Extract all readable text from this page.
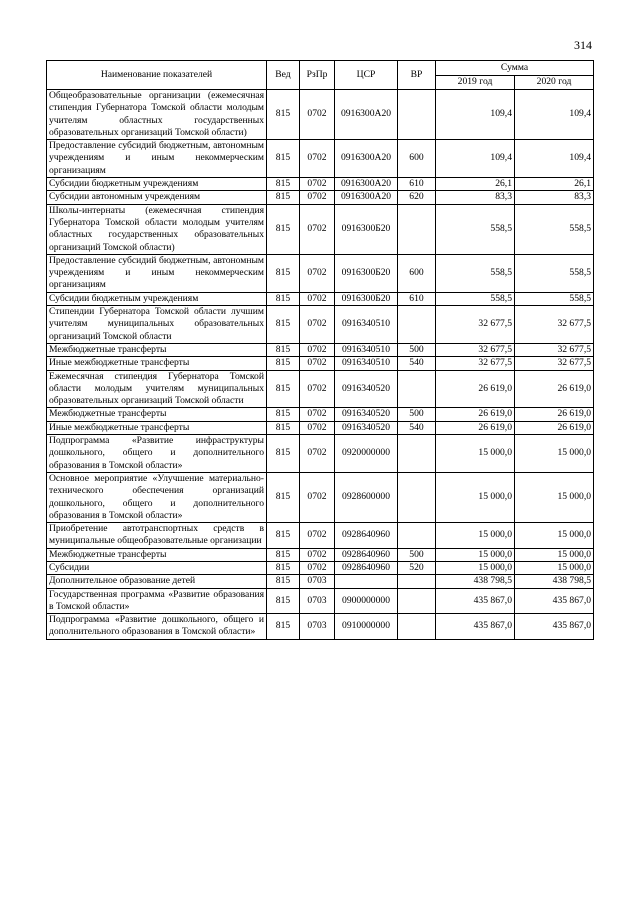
314
Наименование показателей	Вед	РзПр	ЦСР	ВР	Сумма	
					2019 год	2020 год
Общеобразовательные организации (ежемесячная стипендия Губернатора Томской области молодым учителям областных государственных образовательных организаций Томской области)	815	0702	0916300А20		109,4	109,4
Предоставление субсидий бюджетным, автономным учреждениям и иным некоммерческим организациям	815	0702	0916300А20	600	109,4	109,4
Субсидии бюджетным учреждениям	815	0702	0916300А20	610	26,1	26,1
Субсидии автономным учреждениям	815	0702	0916300А20	620	83,3	83,3
Школы-интернаты (ежемесячная стипендия Губернатора Томской области молодым учителям областных государственных образовательных организаций Томской области)	815	0702	0916300Б20		558,5	558,5
Предоставление субсидий бюджетным, автономным учреждениям и иным некоммерческим организациям	815	0702	0916300Б20	600	558,5	558,5
Субсидии бюджетным учреждениям	815	0702	0916300Б20	610	558,5	558,5
Стипендии Губернатора Томской области лучшим учителям муниципальных образовательных организаций Томской области	815	0702	0916340510		32 677,5	32 677,5
Межбюджетные трансферты	815	0702	0916340510	500	32 677,5	32 677,5
Иные межбюджетные трансферты	815	0702	0916340510	540	32 677,5	32 677,5
Ежемесячная стипендия Губернатора Томской области молодым учителям муниципальных образовательных организаций Томской области	815	0702	0916340520		26 619,0	26 619,0
Межбюджетные трансферты	815	0702	0916340520	500	26 619,0	26 619,0
Иные межбюджетные трансферты	815	0702	0916340520	540	26 619,0	26 619,0
Подпрограмма «Развитие инфраструктуры дошкольного, общего и дополнительного образования в Томской области»	815	0702	0920000000		15 000,0	15 000,0
Основное мероприятие «Улучшение материально-технического обеспечения организаций дошкольного, общего и дополнительного образования в Томской области»	815	0702	0928600000		15 000,0	15 000,0
Приобретение автотранспортных средств в муниципальные общеобразовательные организации	815	0702	0928640960		15 000,0	15 000,0
Межбюджетные трансферты	815	0702	0928640960	500	15 000,0	15 000,0
Субсидии	815	0702	0928640960	520	15 000,0	15 000,0
Дополнительное образование детей	815	0703			438 798,5	438 798,5
Государственная программа «Развитие образования в Томской области»	815	0703	0900000000		435 867,0	435 867,0
Подпрограмма «Развитие дошкольного, общего и дополнительного образования в Томской области»	815	0703	0910000000		435 867,0	435 867,0
